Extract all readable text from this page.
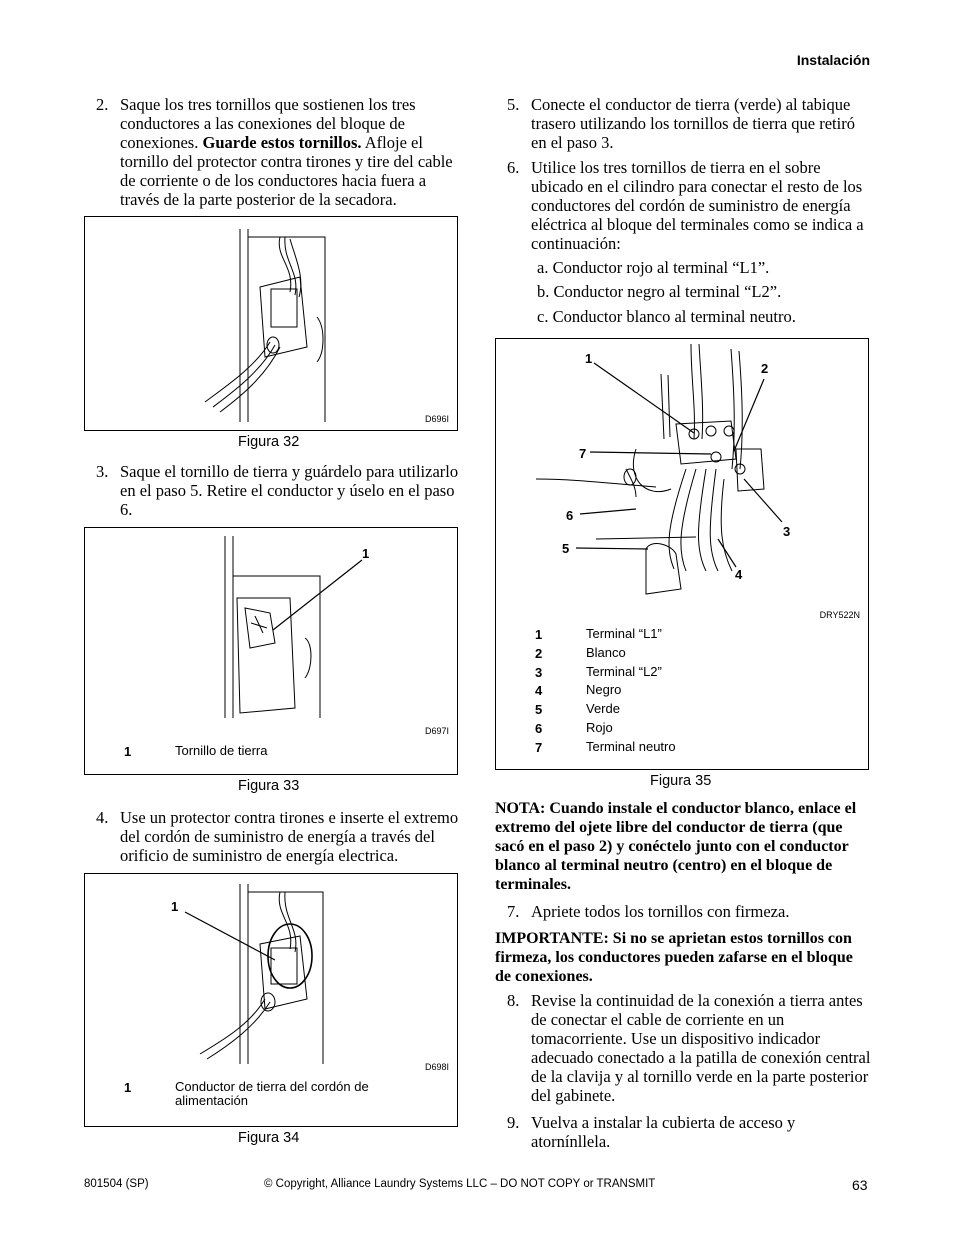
Instalación
2. Saque los tres tornillos que sostienen los tres conductores a las conexiones del bloque de conexiones. Guarde estos tornillos. Afloje el tornillo del protector contra tirones y tire del cable de corriente o de los conductores hacia fuera a través de la parte posterior de la secadora.
D696I
Figura 32
3. Saque el tornillo de tierra y guárdelo para utilizarlo en el paso 5. Retire el conductor y úselo en el paso 6.
1
D697I
1	Tornillo de tierra
Figura 33
4. Use un protector contra tirones e inserte el extremo del cordón de suministro de energía a través del orificio de suministro de energía electrica.
1
D698I
1	Conductor de tierra del cordón de alimentación
Figura 34
5. Conecte el conductor de tierra (verde) al tabique trasero utilizando los tornillos de tierra que retiró en el paso 3.
6. Utilice los tres tornillos de tierra en el sobre ubicado en el cilindro para conectar el resto de los conductores del cordón de suministro de energía eléctrica al bloque del terminales como se indica a continuación:
a. Conductor rojo al terminal “L1”.
b. Conductor negro al terminal “L2”.
c. Conductor blanco al terminal neutro.
1
2
7
6
3
5
4
DRY522N
1	Terminal “L1”
2	Blanco
3	Terminal “L2”
4	Negro
5	Verde
6	Rojo
7	Terminal neutro
Figura 35
NOTA: Cuando instale el conductor blanco, enlace el extremo del ojete libre del conductor de tierra (que sacó en el paso 2) y conéctelo junto con el conductor blanco al terminal neutro (centro) en el bloque de terminales.
7. Apriete todos los tornillos con firmeza.
IMPORTANTE: Si no se aprietan estos tornillos con firmeza, los conductores pueden zafarse en el bloque de conexiones.
8. Revise la continuidad de la conexión a tierra antes de conectar el cable de corriente en un tomacorriente. Use un dispositivo indicador adecuado conectado a la patilla de conexión central de la clavija y al tornillo verde en la parte posterior del gabinete.
9. Vuelva a instalar la cubierta de acceso y atornínllela.
801504 (SP)	© Copyright, Alliance Laundry Systems LLC – DO NOT COPY or TRANSMIT	63
